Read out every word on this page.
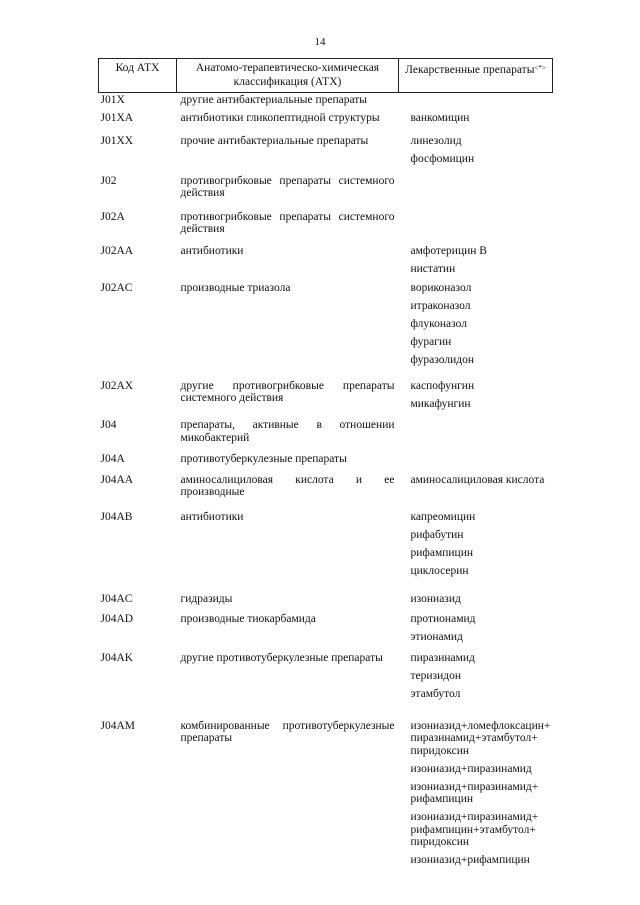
14
Код АТХ	Анатомо-терапевтическо-химическая классификация (АТХ)	Лекарственные препараты<*>
J01X	другие антибактериальные препараты	
J01XA	антибиотики гликопептидной структуры	ванкомицин

J01XX	прочие антибактериальные препараты	линезолид
фосфомицин

J02	противогрибковые препараты системного действия	
J02A	противогрибковые препараты системного действия	
J02AA	антибиотики	амфотерицин В
нистатин

J02AC	производные триазола	вориконазол
итраконазол
флуконазол
фурагин
фуразолидон

J02AX	другие противогрибковые препараты системного действия	каспофунгин
микафунгин

J04	препараты, активные в отношении микобактерий	
J04A	противотуберкулезные препараты	
J04AA	аминосалициловая кислота и ее производные	аминосалициловая кислота

J04AB	антибиотики	капреомицин
рифабутин
рифампицин
циклосерин

J04AC	гидразиды	изониазид

J04AD	производные тиокарбамида	протионамид
этионамид

J04AK	другие противотуберкулезные препараты	пиразинамид
теризидон
этамбутол

J04AM	комбинированные противотуберкулезные препараты	изониазид+ломефлоксацин+ пиразинамид+этамбутол+ пиридоксин
изониазид+пиразинамид
изониазид+пиразинамид+ рифампицин
изониазид+пиразинамид+ рифампицин+этамбутол+ пиридоксин
изониазид+рифампицин
